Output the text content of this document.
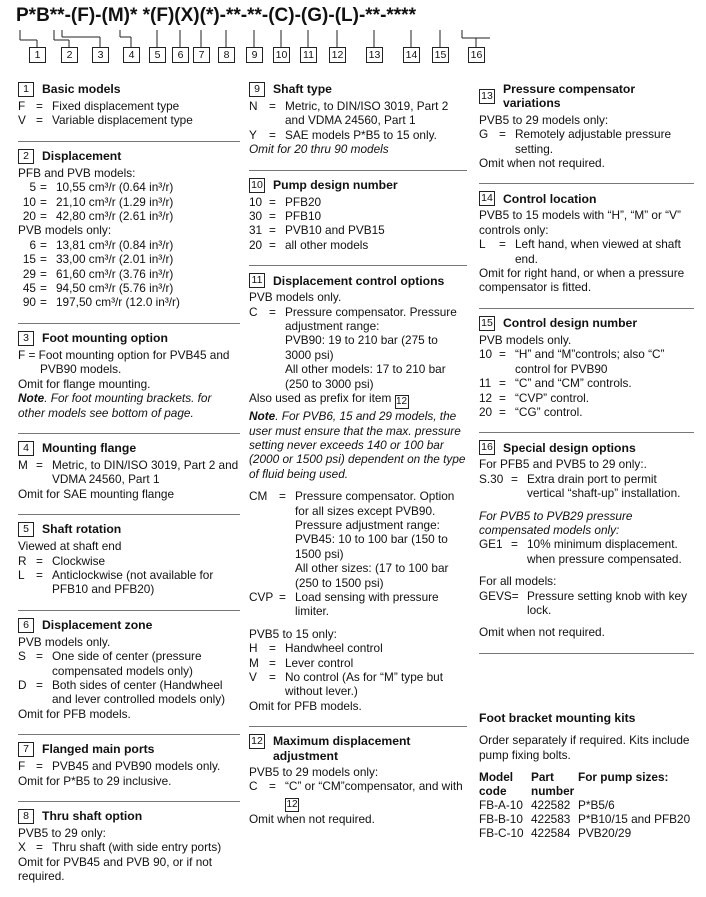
P*B**-(F)-(M)* *(F)(X)(*)-**-**-(C)-(G)-(L)-**-****
1	2	3	4	5	6	7	8	9	10 11 12 13 14 15 16
1	Basic models
F = Fixed displacement type
V = Variable displacement type
2	Displacement

PFB and PVB models:

5 = 10,55 cm³/r (0.64 in³/r)
10 = 21,10 cm³/r (1.29 in³/r)
20 = 42,80 cm³/r (2.61 in³/r)

PVB models only:

6 = 13,81 cm³/r (0.84 in³/r)
15 = 33,00 cm³/r (2.01 in³/r)
29 = 61,60 cm³/r (3.76 in³/r)
45 = 94,50 cm³/r (5.76 in³/r)
90 = 197,50 cm³/r (12.0 in³/r)
3	Foot mounting option

F = Foot mounting option for PVB45 and

PVB90 models.

Omit for flange mounting.

Note. For foot mounting brackets. for other models see bottom of page.

4	Mounting flange
M = Metric, to DIN/ISO 3019, Part 2 and VDMA 24560, Part 1

Omit for SAE mounting flange

5	Shaft rotation

Viewed at shaft end

R = Clockwise
L = Anticlockwise (not available for PFB10 and PFB20)
6	Displacement zone

PVB models only.

S = One side of center (pressure compensated models only)
D = Both sides of center (Handwheel and lever controlled models only)

Omit for PFB models.

7	Flanged main ports
F = PVB45 and PVB90 models only.

Omit for P*B5 to 29 inclusive.

8	Thru shaft option

PVB5 to 29 only:

X = Thru shaft (with side entry ports)

Omit for PVB45 and PVB 90, or if not required.

9	Shaft type
N = Metric, to DIN/ISO 3019, Part 2 and VDMA 24560, Part 1
Y	= SAE models P*B5 to 15 only.

Omit for 20 thru 90 models

10 Pump design number
10 = PFB20
30 = PFB10
31 = PVB10 and PVB15
20 = all other models
11 Displacement control options

PVB models only.

C = Pressure compensator. Pressure adjustment range:
PVB90: 19 to 210 bar (275 to 3000 psi)
All other models: 17 to 210 bar (250 to 3000 psi)

Also used as prefix for item 12

Note. For PVB6, 15 and 29 models, the user must ensure that the max. pressure setting never exceeds 140 or 100 bar (2000 or 1500 psi) dependent on the type of fluid being used.

CM = Pressure compensator. Option for all sizes except PVB90.
Pressure adjustment range:
PVB45: 10 to 100 bar (150 to 1500 psi)
All other sizes: (17 to 100 bar (250 to 1500 psi)
CVP = Load sensing with pressure limiter.

PVB5 to 15 only:

H = Handwheel control
M = Lever control
V	= No control (As for “M” type but without lever.)

Omit for PFB models.

12 Maximum displacement adjustment

PVB5 to 29 models only:

C = “C” or “CM”compensator, and with 12

Omit when not required.

13 Pressure compensator variations

PVB5 to 29 models only:

G = Remotely adjustable pressure setting.

Omit when not required.

14 Control location

PVB5 to 15 models with “H”, “M” or “V” controls only:

L	= Left hand, when viewed at shaft end.

Omit for right hand, or when a pressure compensator is fitted.

15 Control design number

PVB models only.

10 = “H” and “M”controls; also “C” control for PVB90
11 = “C” and “CM” controls.
12 = “CVP” control.
20 = “CG” control.
16 Special design options

For PFB5 and PVB5 to 29 only:.

S.30 = Extra drain port to permit vertical “shaft-up” installation.

For PVB5 to PVB29 pressure compensated models only:

GE1 = 10% minimum displacement. when pressure compensated.

For all models:

GEVS= Pressure setting knob with key lock.

Omit when not required.

Foot bracket mounting kits

Order separately if required. Kits include pump fixing bolts.

Model code	Part number	For pump sizes:
FB-A-10	422582	P*B5/6
FB-B-10	422583	P*B10/15 and PFB20
FB-C-10	422584	PVB20/29
